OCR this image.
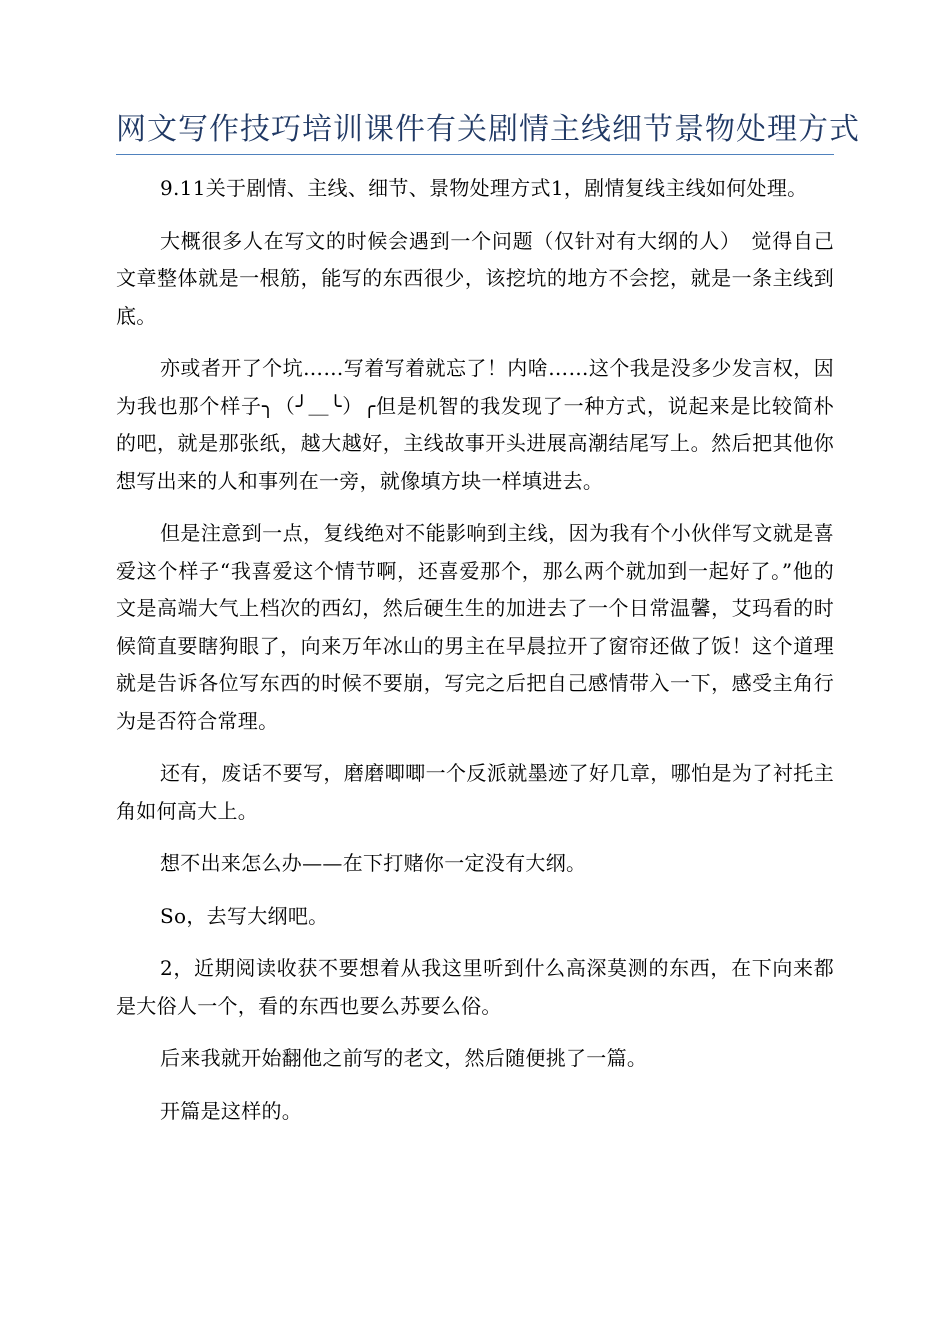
网文写作技巧培训课件有关剧情主线细节景物处理方式

9.11关于剧情、主线、细节、景物处理方式1，剧情复线主线如何处理。

大概很多人在写文的时候会遇到一个问题（仅针对有大纲的人）　觉得自己文章整体就是一根筋，能写的东西很少，该挖坑的地方不会挖，就是一条主线到底。

亦或者开了个坑……写着写着就忘了！内啥……这个我是没多少发言权，因为我也那个样子╮（╯＿╰）╭但是机智的我发现了一种方式，说起来是比较简朴的吧，就是那张纸，越大越好，主线故事开头进展高潮结尾写上。然后把其他你想写出来的人和事列在一旁，就像填方块一样填进去。

但是注意到一点，复线绝对不能影响到主线，因为我有个小伙伴写文就是喜爱这个样子“我喜爱这个情节啊，还喜爱那个，那么两个就加到一起好了。”他的文是高端大气上档次的西幻，然后硬生生的加进去了一个日常温馨，艾玛看的时候简直要瞎狗眼了，向来万年冰山的男主在早晨拉开了窗帘还做了饭！这个道理就是告诉各位写东西的时候不要崩，写完之后把自己感情带入一下，感受主角行为是否符合常理。

还有，废话不要写，磨磨唧唧一个反派就墨迹了好几章，哪怕是为了衬托主角如何高大上。

想不出来怎么办——在下打赌你一定没有大纲。

So，去写大纲吧。

2，近期阅读收获不要想着从我这里听到什么高深莫测的东西，在下向来都是大俗人一个，看的东西也要么苏要么俗。

后来我就开始翻他之前写的老文，然后随便挑了一篇。

开篇是这样的。
